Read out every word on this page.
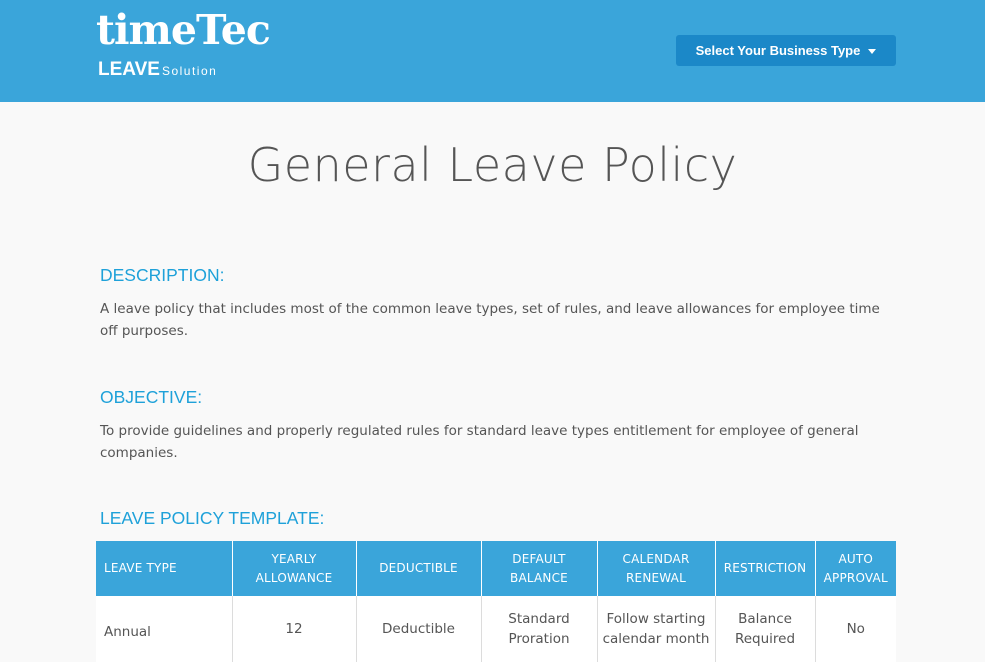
timeTec
LEAVE Solution
Select Your Business Type
General Leave Policy
DESCRIPTION:
A leave policy that includes most of the common leave types, set of rules, and leave allowances for employee time off purposes.
OBJECTIVE:
To provide guidelines and properly regulated rules for standard leave types entitlement for employee of general companies.
LEAVE POLICY TEMPLATE:
LEAVE TYPE	YEARLY ALLOWANCE	DEDUCTIBLE	DEFAULT BALANCE	CALENDAR RENEWAL	RESTRICTION	AUTO APPROVAL
Annual	12	Deductible	Standard Proration	Follow starting calendar month	Balance Required	No
